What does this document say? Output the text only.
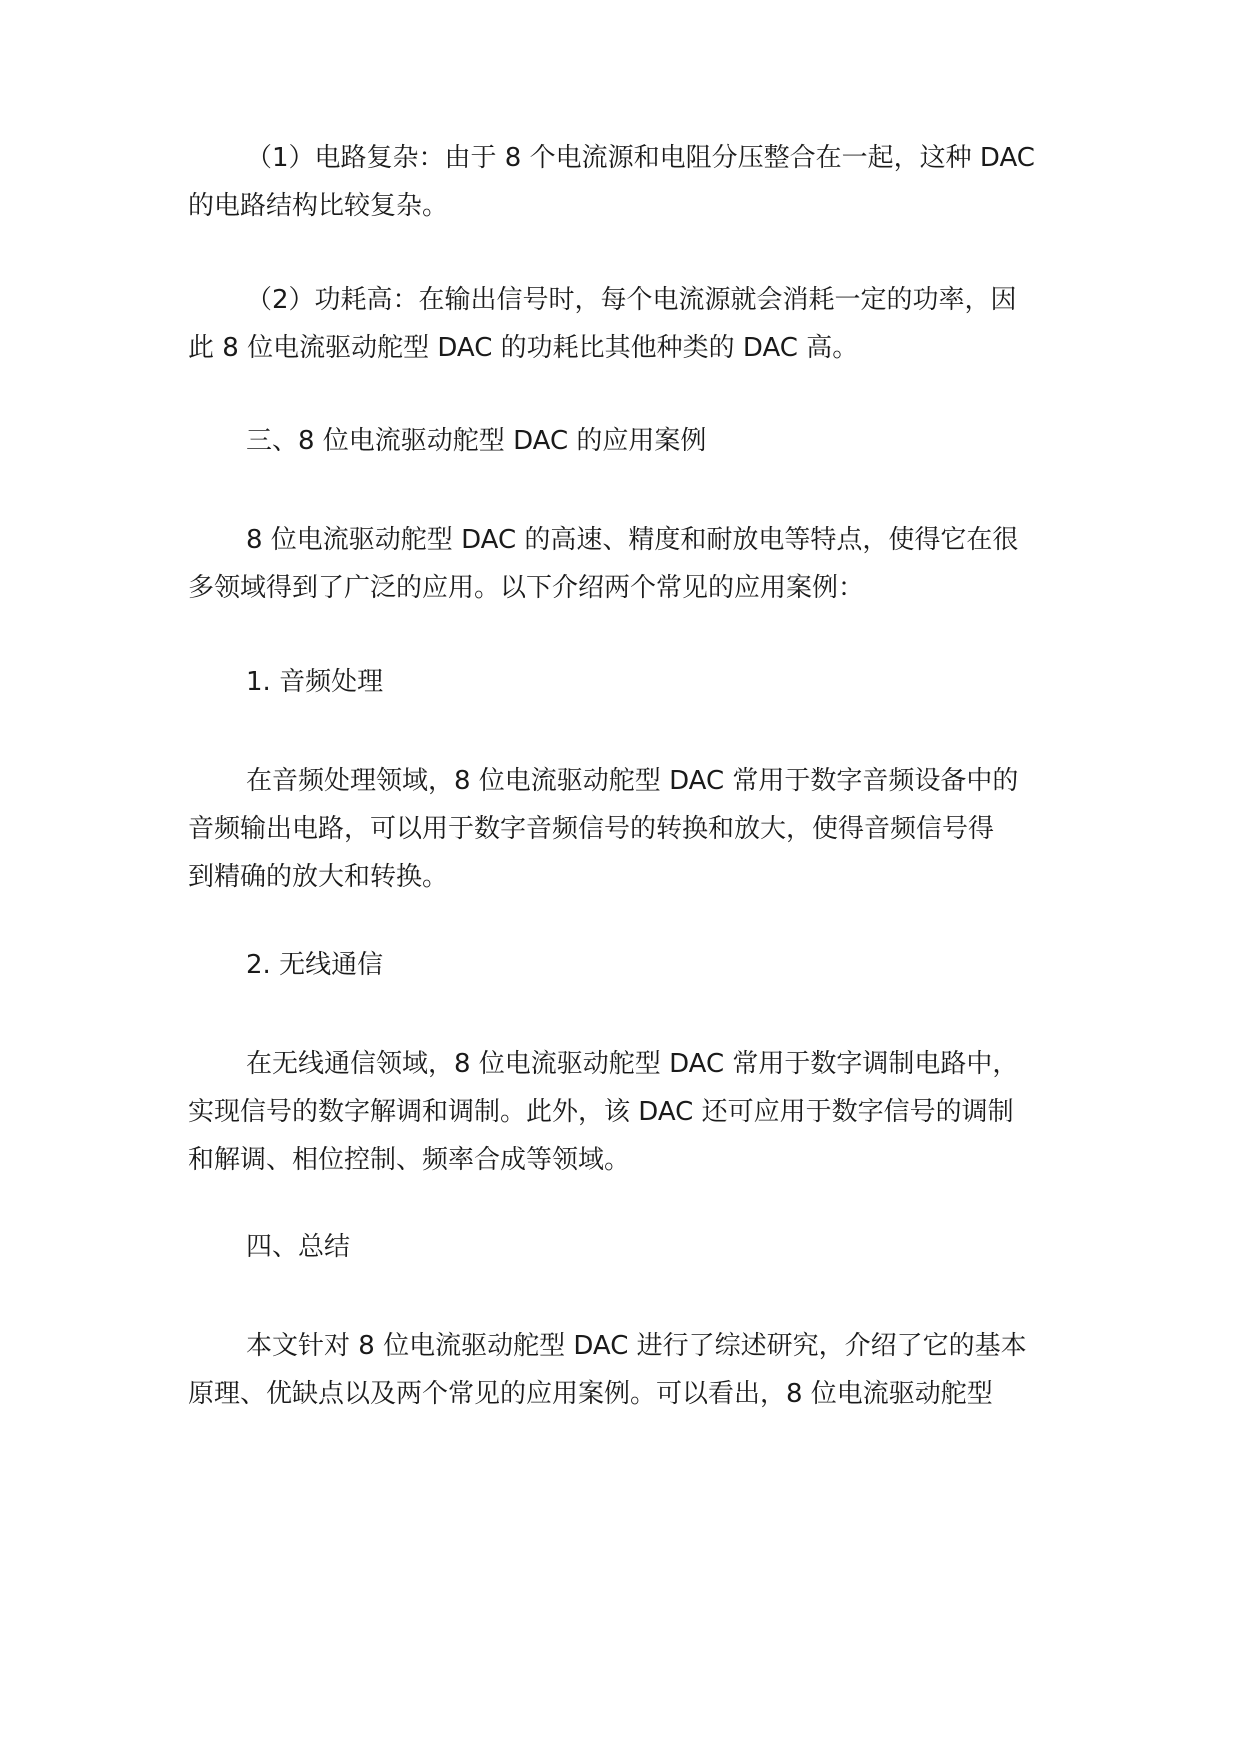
（1）电路复杂：由于 8 个电流源和电阻分压整合在一起，这种 DAC
的电路结构比较复杂。
（2）功耗高：在输出信号时，每个电流源就会消耗一定的功率，因
此 8 位电流驱动舵型 DAC 的功耗比其他种类的 DAC 高。
三、8 位电流驱动舵型 DAC 的应用案例
8 位电流驱动舵型 DAC 的高速、精度和耐放电等特点，使得它在很
多领域得到了广泛的应用。以下介绍两个常见的应用案例：
1. 音频处理
在音频处理领域，8 位电流驱动舵型 DAC 常用于数字音频设备中的
音频输出电路，可以用于数字音频信号的转换和放大，使得音频信号得
到精确的放大和转换。
2. 无线通信
在无线通信领域，8 位电流驱动舵型 DAC 常用于数字调制电路中，
实现信号的数字解调和调制。此外，该 DAC 还可应用于数字信号的调制
和解调、相位控制、频率合成等领域。
四、总结
本文针对 8 位电流驱动舵型 DAC 进行了综述研究，介绍了它的基本
原理、优缺点以及两个常见的应用案例。可以看出，8 位电流驱动舵型
